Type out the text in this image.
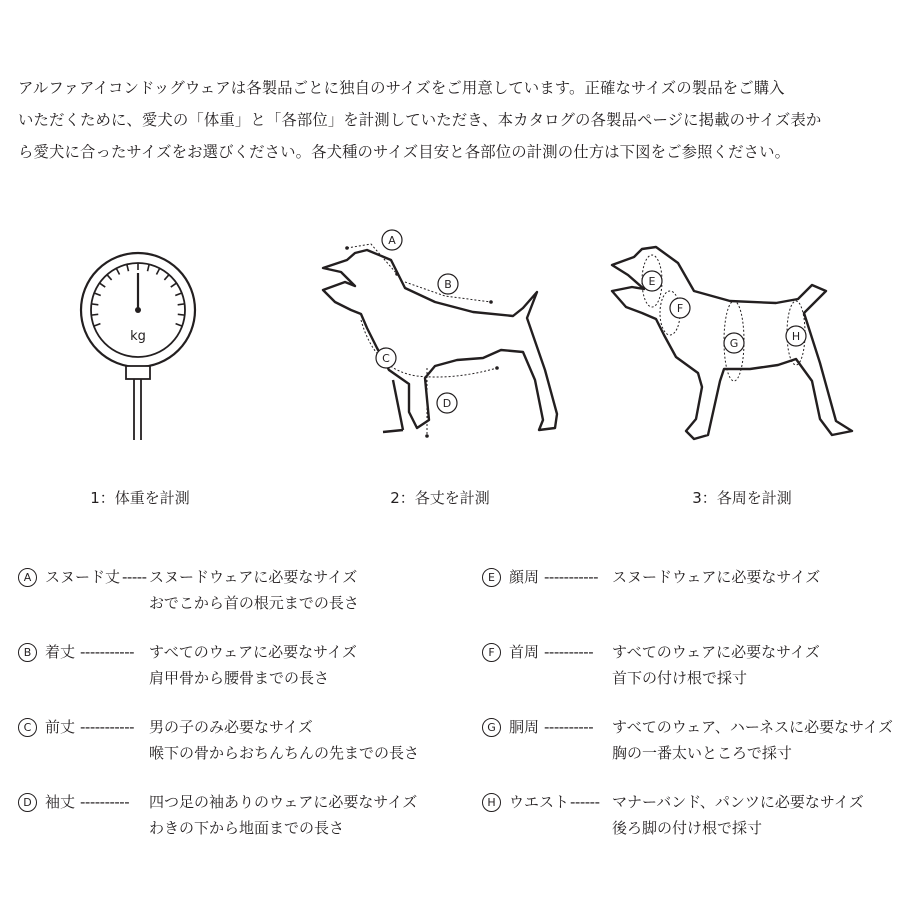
アルファアイコンドッグウェアは各製品ごとに独自のサイズをご用意しています。正確なサイズの製品をご購入
いただくために、愛犬の「体重」と「各部位」を計測していただき、本カタログの各製品ページに掲載のサイズ表か
ら愛犬に合ったサイズをお選びください。各犬種のサイズ目安と各部位の計測の仕方は下図をご参照ください。
kg
A
B
C
D
E
F
G
H
1：体重を計測	2：各丈を計測	3：各周を計測
A スヌード丈 ----- スヌードウェアに必要なサイズ
おでこから首の根元までの長さ
B 着丈 ----------- すべてのウェアに必要なサイズ
肩甲骨から腰骨までの長さ
C 前丈 ----------- 男の子のみ必要なサイズ
喉下の骨からおちんちんの先までの長さ
D 袖丈 ---------- 四つ足の袖ありのウェアに必要なサイズ
わきの下から地面までの長さ
E 顔周 ----------- スヌードウェアに必要なサイズ
F 首周 ---------- すべてのウェアに必要なサイズ
首下の付け根で採寸
G 胴周 ---------- すべてのウェア、ハーネスに必要なサイズ
胸の一番太いところで採寸
H ウエスト ------ マナーバンド、パンツに必要なサイズ
後ろ脚の付け根で採寸
